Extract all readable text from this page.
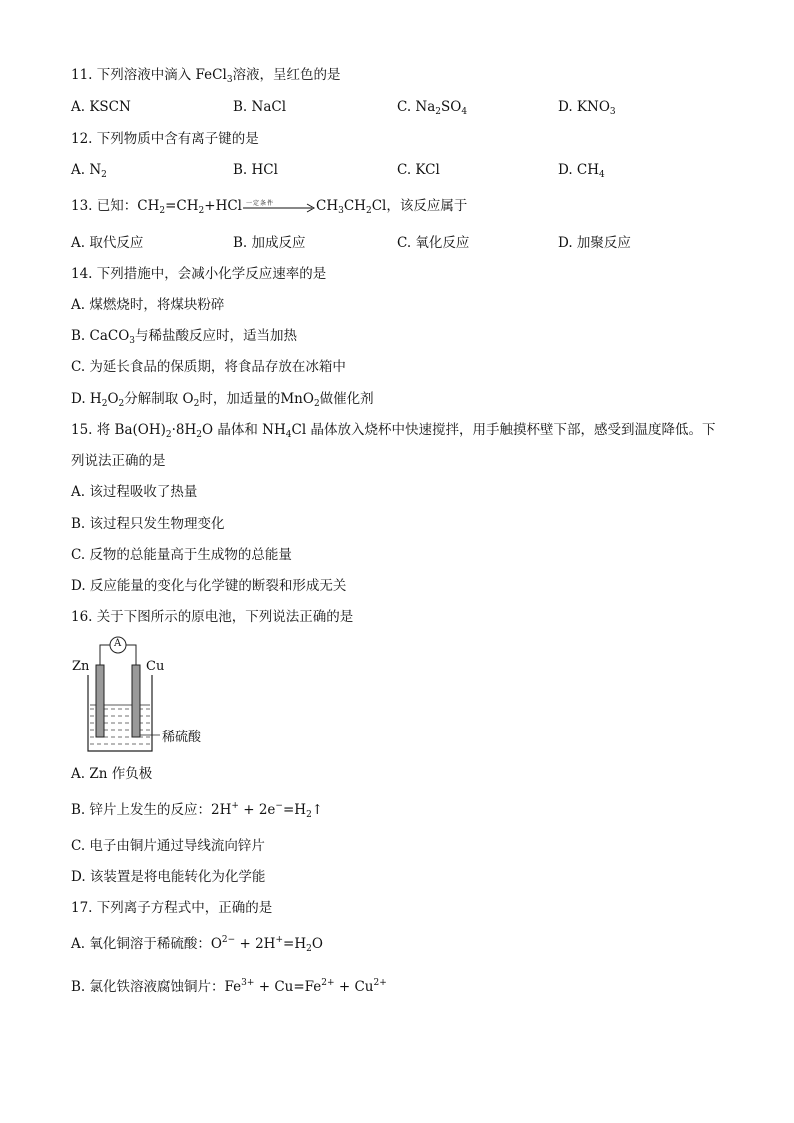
11. 下列溶液中滴入 FeCl$_3$溶液，呈红色的是
A. KSCN	B. NaCl	C. $Na_2SO_4$	D. $KNO_3$
12. 下列物质中含有离子键的是
A. $N_2$	B. HCl	C. KCl	D. $CH_4$
13. 已知：$CH_2=CH_2+HCl$ 一定条件	$CH_3CH_2Cl$，该反应属于
A. 取代反应	B. 加成反应	C. 氧化反应	D. 加聚反应
14. 下列措施中，会减小化学反应速率的是
A. 煤燃烧时，将煤块粉碎
B. CaCO$_3$与稀盐酸反应时，适当加热
C. 为延长食品的保质期，将食品存放在冰箱中
D. $H_2O_2$分解制取 $O_2$时，加适量的MnO$_2$做催化剂
15. 将 $Ba(OH)_2\cdot 8H_2O$ 晶体和 $NH_4Cl$ 晶体放入烧杯中快速搅拌，用手触摸杯壁下部，感受到温度降低。下
列说法正确的是
A. 该过程吸收了热量
B. 该过程只发生物理变化
C. 反物的总能量高于生成物的总能量
D. 反应能量的变化与化学键的断裂和形成无关
16. 关于下图所示的原电池，下列说法正确的是
A
Zn	Cu
稀硫酸
A. Zn 作负极
B. 锌片上发生的反应：$2H^+ + 2e^-=H_2↑$
C. 电子由铜片通过导线流向锌片
D. 该装置是将电能转化为化学能
17. 下列离子方程式中，正确的是
A. 氧化铜溶于稀硫酸：$O^{2-} + 2H^+=H_2O$
B. 氯化铁溶液腐蚀铜片：$Fe^{3+} + Cu=Fe^{2+} + Cu^{2+}$
